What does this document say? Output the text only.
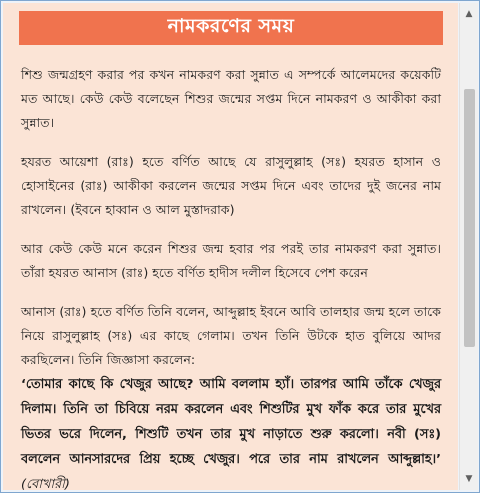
নামকরণের সময়

শিশু জন্মগ্রহণ করার পর কখন নামকরণ করা সুন্নাত এ সম্পর্কে আলেমদের কয়েকটি মত আছে। কেউ কেউ বলেছেন শিশুর জন্মের সপ্তম দিনে নামকরণ ও আকীকা করা সুন্নাত।

হযরত আয়েশা (রাঃ) হতে বর্ণিত আছে যে রাসুলুল্লাহ (সঃ) হযরত হাসান ও হোসাইনের (রাঃ) আকীকা করলেন জন্মের সপ্তম দিনে এবং তাদের দুই জনের নাম রাখলেন। (ইবনে হাব্বান ও আল মুস্তাদরাক)

আর কেউ কেউ মনে করেন শিশুর জন্ম হবার পর পরই তার নামকরণ করা সুন্নাত। তাঁরা হযরত আনাস (রাঃ) হতে বর্ণিত হাদীস দলীল হিসেবে পেশ করেন

আনাস (রাঃ) হতে বর্ণিত তিনি বলেন, আব্দুল্লাহ ইবনে আবি তালহার জন্ম হলে তাকে নিয়ে রাসুলুল্লাহ (সঃ) এর কাছে গেলাম। তখন তিনি উটকে হাত বুলিয়ে আদর করছিলেন। তিনি জিজ্ঞাসা করলেন:

‘তোমার কাছে কি খেজুর আছে? আমি বললাম হ্যাঁ। তারপর আমি তাঁকে খেজুর দিলাম। তিনি তা চিবিয়ে নরম করলেন এবং শিশুটির মুখ ফাঁক করে তার মুখের ভিতর ভরে দিলেন, শিশুটি তখন তার মুখ নাড়াতে শুরু করলো। নবী (সঃ) বললেন আনসারদের প্রিয় হচ্ছে খেজুর। পরে তার নাম রাখলেন আব্দুল্লাহ।’ (বোখারী)
▲
▼
